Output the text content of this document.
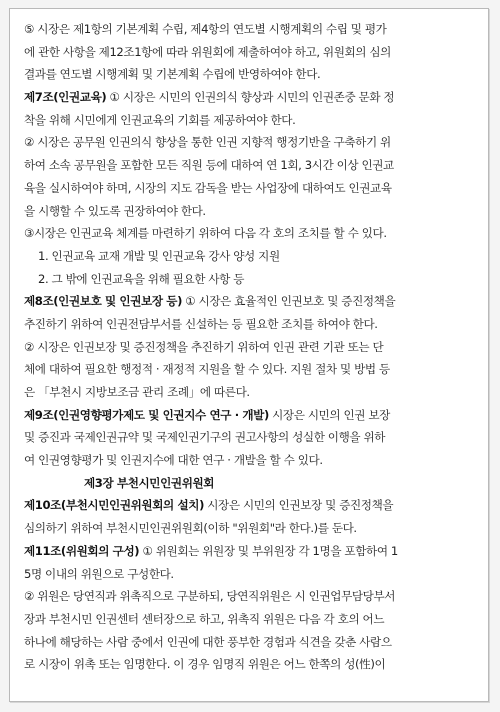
⑤ 시장은 제1항의 기본계획 수립, 제4항의 연도별 시행계획의 수립 및 평가
에 관한 사항을 제12조1항에 따라 위원회에 제출하여야 하고, 위원회의 심의
결과를 연도별 시행계획 및 기본계획 수립에 반영하여야 한다.
제7조(인권교육) ① 시장은 시민의 인권의식 향상과 시민의 인권존중 문화 정
착을 위해 시민에게 인권교육의 기회를 제공하여야 한다.
② 시장은 공무원 인권의식 향상을 통한 인권 지향적 행정기반을 구축하기 위
하여 소속 공무원을 포함한 모든 직원 등에 대하여 연 1회, 3시간 이상 인권교
육을 실시하여야 하며, 시장의 지도 감독을 받는 사업장에 대하여도 인권교육
을 시행할 수 있도록 권장하여야 한다.
③시장은 인권교육 체계를 마련하기 위하여 다음 각 호의 조치를 할 수 있다.
1. 인권교육 교재 개발 및 인권교육 강사 양성 지원
2. 그 밖에 인권교육을 위해 필요한 사항 등
제8조(인권보호 및 인권보장 등) ① 시장은 효율적인 인권보호 및 증진정책을
추진하기 위하여 인권전담부서를 신설하는 등 필요한 조치를 하여야 한다.
② 시장은 인권보장 및 증진정책을 추진하기 위하여 인권 관련 기관 또는 단
체에 대하여 필요한 행정적 · 재정적 지원을 할 수 있다. 지원 절차 및 방법 등
은 「부천시 지방보조금 관리 조례」에 따른다.
제9조(인권영향평가제도 및 인권지수 연구 · 개발) 시장은 시민의 인권 보장
및 증진과 국제인권규약 및 국제인권기구의 권고사항의 성실한 이행을 위하
여 인권영향평가 및 인권지수에 대한 연구 · 개발을 할 수 있다.
제3장 부천시민인권위원회
제10조(부천시민인권위원회의 설치) 시장은 시민의 인권보장 및 증진정책을
심의하기 위하여 부천시민인권위원회(이하 "위원회"라 한다.)를 둔다.
제11조(위원회의 구성) ① 위원회는 위원장 및 부위원장 각 1명을 포함하여 1
5명 이내의 위원으로 구성한다.
② 위원은 당연직과 위촉직으로 구분하되, 당연직위원은 시 인권업무담당부서
장과 부천시민 인권센터 센터장으로 하고, 위촉직 위원은 다음 각 호의 어느
하나에 해당하는 사람 중에서 인권에 대한 풍부한 경험과 식견을 갖춘 사람으
로 시장이 위촉 또는 임명한다. 이 경우 임명직 위원은 어느 한쪽의 성(性)이
